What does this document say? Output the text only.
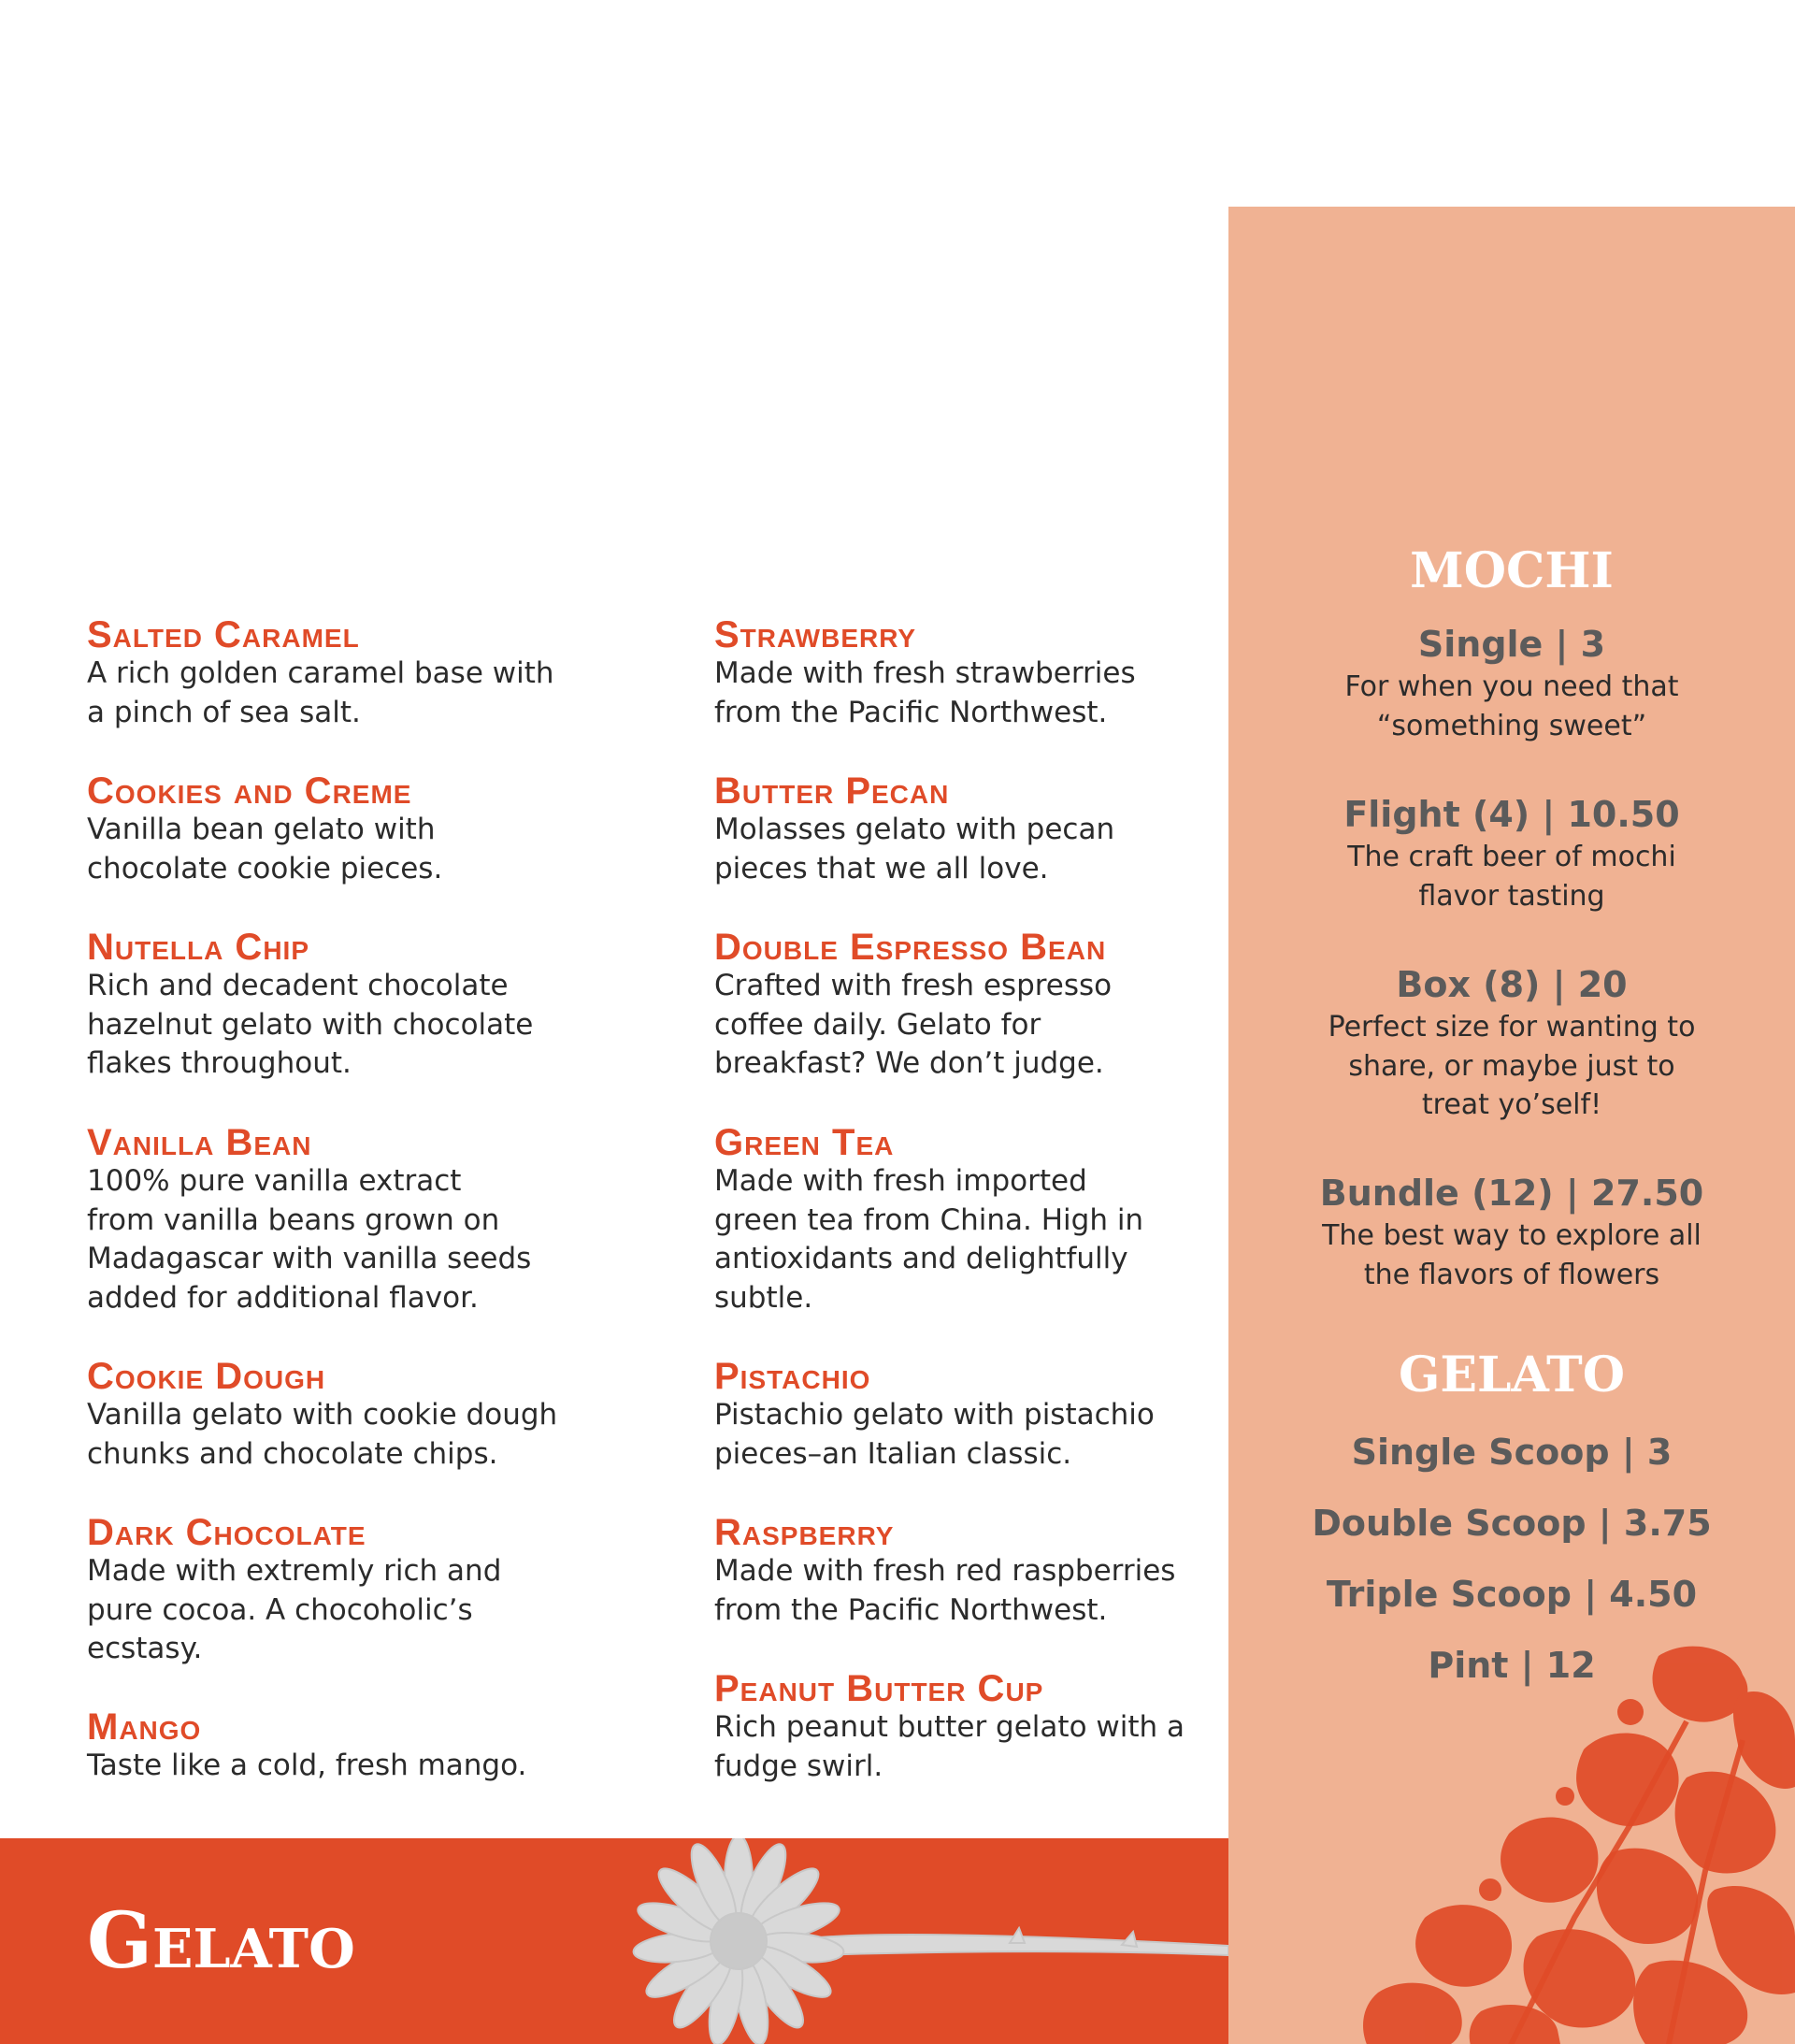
Salted Caramel

A rich golden caramel base with
a pinch of sea salt.

Cookies and Creme

Vanilla bean gelato with
chocolate cookie pieces.

Nutella Chip

Rich and decadent chocolate
hazelnut gelato with chocolate
flakes throughout.

Vanilla Bean

100% pure vanilla extract
from vanilla beans grown on
Madagascar with vanilla seeds
added for additional flavor.

Cookie Dough

Vanilla gelato with cookie dough
chunks and chocolate chips.

Dark Chocolate

Made with extremly rich and
pure cocoa. A chocoholic’s
ecstasy.

Mango

Taste like a cold, fresh mango.

Strawberry

Made with fresh strawberries
from the Pacific Northwest.

Butter Pecan

Molasses gelato with pecan
pieces that we all love.

Double Espresso Bean

Crafted with fresh espresso
coffee daily. Gelato for
breakfast? We don’t judge.

Green Tea

Made with fresh imported
green tea from China. High in
antioxidants and delightfully
subtle.

Pistachio

Pistachio gelato with pistachio
pieces–an Italian classic.

Raspberry

Made with fresh red raspberries
from the Pacific Northwest.

Peanut Butter Cup

Rich peanut butter gelato with a
fudge swirl.

MOCHI

Single | 3

For when you need that
“something sweet”

Flight (4) | 10.50

The craft beer of mochi
flavor tasting

Box (8) | 20

Perfect size for wanting to
share, or maybe just to
treat yo’self!

Bundle (12) | 27.50

The best way to explore all
the flavors of flowers

GELATO

Single Scoop | 3

Double Scoop | 3.75

Triple Scoop | 4.50

Pint | 12

Gelato
